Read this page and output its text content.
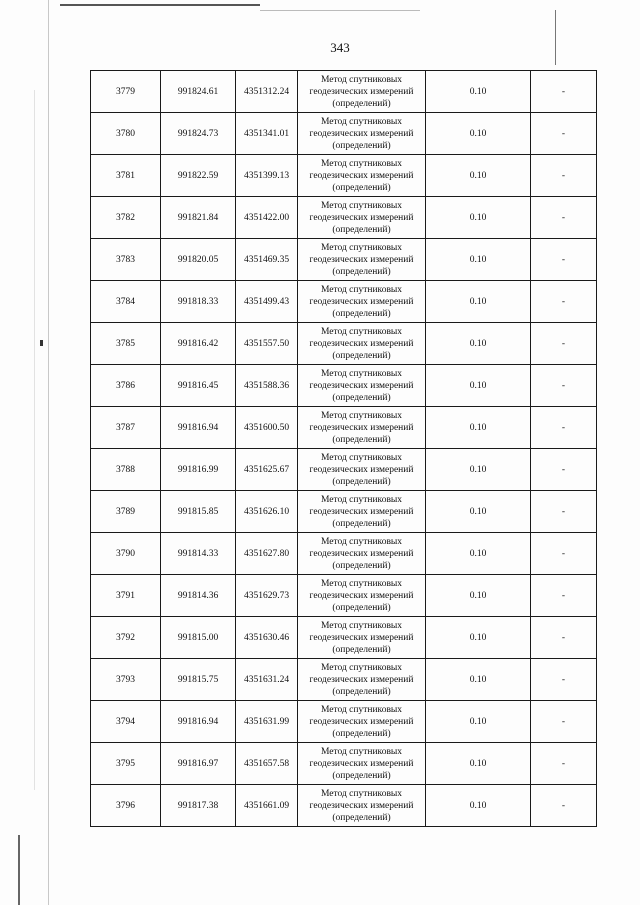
343
3779	991824.61	4351312.24	Метод спутниковых геодезических измерений (определений)	0.10	-
3780	991824.73	4351341.01	Метод спутниковых геодезических измерений (определений)	0.10	-
3781	991822.59	4351399.13	Метод спутниковых геодезических измерений (определений)	0.10	-
3782	991821.84	4351422.00	Метод спутниковых геодезических измерений (определений)	0.10	-
3783	991820.05	4351469.35	Метод спутниковых геодезических измерений (определений)	0.10	-
3784	991818.33	4351499.43	Метод спутниковых геодезических измерений (определений)	0.10	-
3785	991816.42	4351557.50	Метод спутниковых геодезических измерений (определений)	0.10	-
3786	991816.45	4351588.36	Метод спутниковых геодезических измерений (определений)	0.10	-
3787	991816.94	4351600.50	Метод спутниковых геодезических измерений (определений)	0.10	-
3788	991816.99	4351625.67	Метод спутниковых геодезических измерений (определений)	0.10	-
3789	991815.85	4351626.10	Метод спутниковых геодезических измерений (определений)	0.10	-
3790	991814.33	4351627.80	Метод спутниковых геодезических измерений (определений)	0.10	-
3791	991814.36	4351629.73	Метод спутниковых геодезических измерений (определений)	0.10	-
3792	991815.00	4351630.46	Метод спутниковых геодезических измерений (определений)	0.10	-
3793	991815.75	4351631.24	Метод спутниковых геодезических измерений (определений)	0.10	-
3794	991816.94	4351631.99	Метод спутниковых геодезических измерений (определений)	0.10	-
3795	991816.97	4351657.58	Метод спутниковых геодезических измерений (определений)	0.10	-
3796	991817.38	4351661.09	Метод спутниковых геодезических измерений (определений)	0.10	-
